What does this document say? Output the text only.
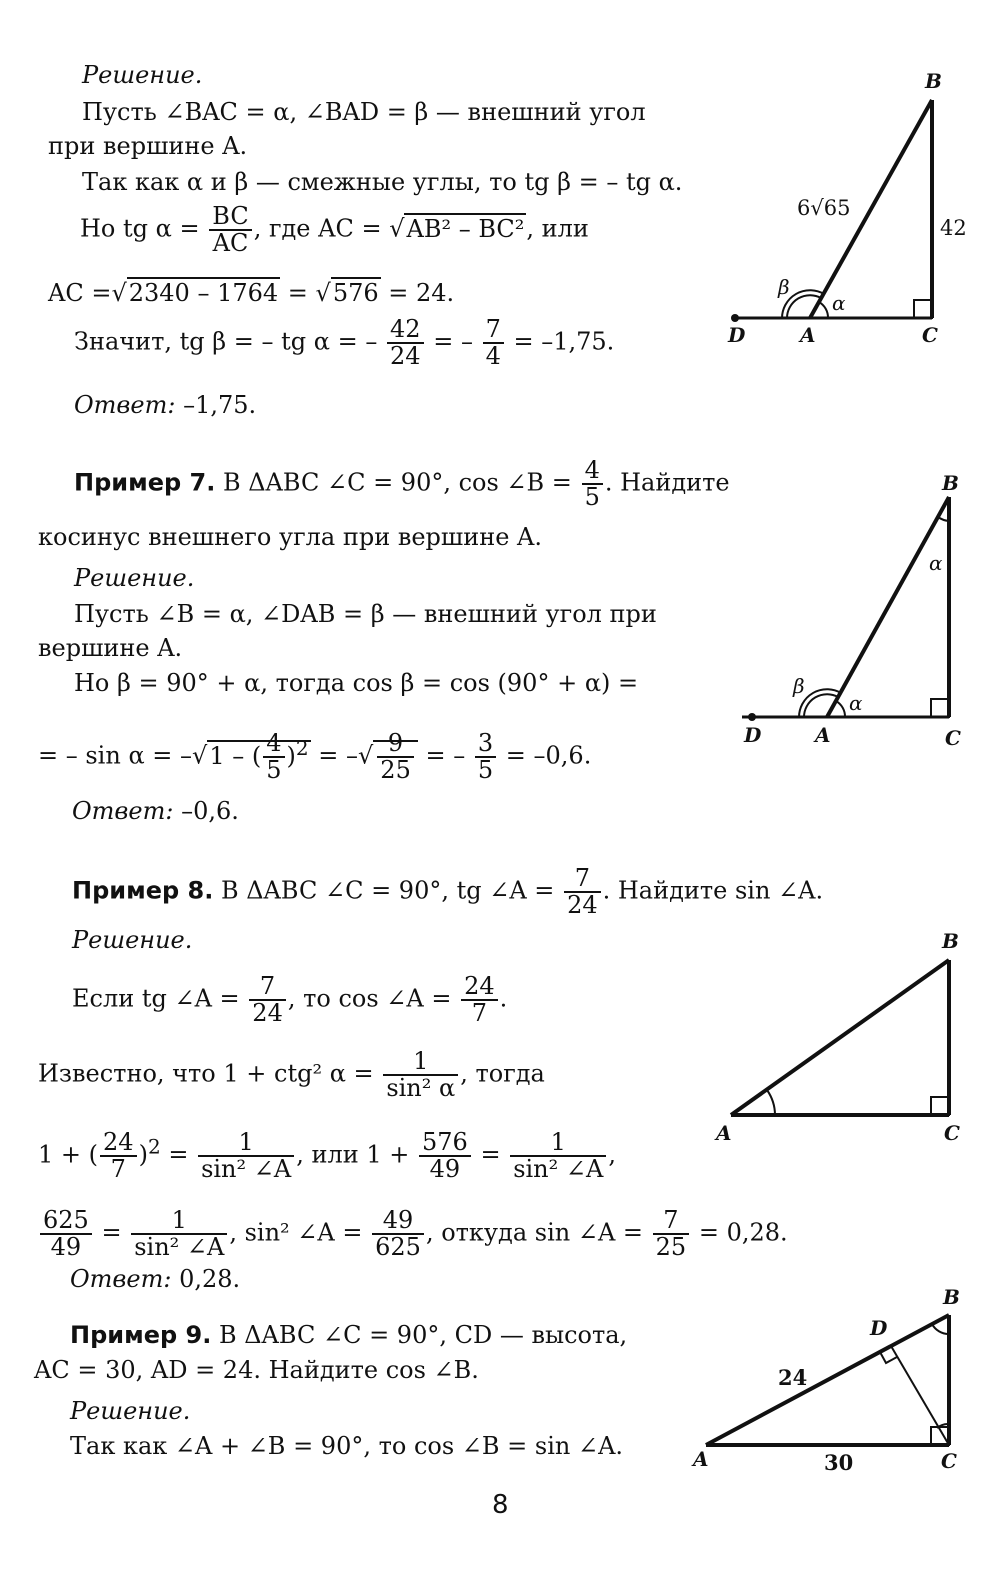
Решение.
Пусть ∠BAC = α, ∠BAD = β — внешний угол
при вершине A.
Так как α и β — смежные углы, то tg β = – tg α.
Но tg $\alpha = \frac{BC}{AC}$ , где AC = √AB² – BC², или
AC =√2340 – 1764 = √576 = 24.
Значит, tg β = – tg α = – $\frac{42}{24}$ = – $\frac{7}{4} = -1,75$.
Ответ: –1,75.
B
D	A	C
6√65
42
α
β
Пример 7. В ΔABC ∠C = 90°, cos ∠B = $\frac{4}{5}$ . Найдите
косинус внешнего угла при вершине A.
Решение.
Пусть ∠B = α, ∠DAB = β — внешний угол при
вершине A.
Но β = 90° + α, тогда cos β = cos (90° + α) =
= – sin α = –√1 – ( $\frac{4}{5} )^2$ = –√ $\frac{9}{25}$ = – $\frac{3}{5} = -0,6$.
Ответ: –0,6.
B
D	A	C
α
α
β
Пример 8. В ΔABC ∠C = 90°, tg ∠A = $\frac{7}{24}$ . Найдите sin ∠A.
Решение.
Если tg ∠A = $\frac{7}{24}$ , то cos ∠A = $\frac{24}{7}$ .
Известно, что 1 + ctg² $\alpha = \frac{1}{\text{sin² α}}$ , тогда
1 + ( $\frac{24}{7} )^2 = \frac{1}{\text{sin² ∠A}}$ , или $1 + \frac{576}{49} = \frac{1}{\text{sin² ∠A}}$ ,
$\frac{625}{49} = \frac{1}{\text{sin² ∠A}}$ , sin² ∠A = $\frac{49}{625}$ , откуда sin ∠A = $\frac{7}{25} = 0,28$.
Ответ: 0,28.
B
A	C
Пример 9. В ΔABC ∠C = 90°, CD — высота,
AC = 30, AD = 24. Найдите cos ∠B.
Решение.
Так как ∠A + ∠B = 90°, то cos ∠B = sin ∠A.
B
D
A	C
24
30
8
